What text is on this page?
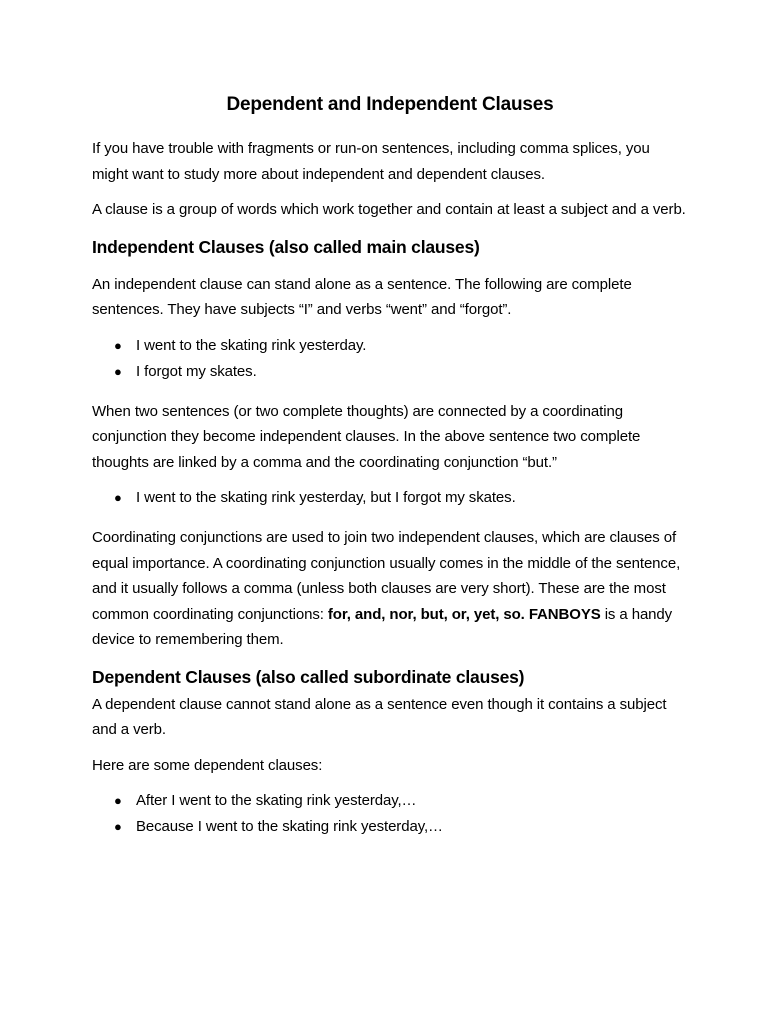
Dependent and Independent Clauses

If you have trouble with fragments or run-on sentences, including comma splices, you might want to study more about independent and dependent clauses.

A clause is a group of words which work together and contain at least a subject and a verb.

Independent Clauses (also called main clauses)

An independent clause can stand alone as a sentence. The following are complete sentences. They have subjects “I” and verbs “went” and “forgot”.

● I went to the skating rink yesterday.
● I forgot my skates.

When two sentences (or two complete thoughts) are connected by a coordinating conjunction they become independent clauses. In the above sentence two complete thoughts are linked by a comma and the coordinating conjunction “but.”

● I went to the skating rink yesterday, but I forgot my skates.

Coordinating conjunctions are used to join two independent clauses, which are clauses of equal importance. A coordinating conjunction usually comes in the middle of the sentence, and it usually follows a comma (unless both clauses are very short). These are the most common coordinating conjunctions: for, and, nor, but, or, yet, so. FANBOYS is a handy device to remembering them.

Dependent Clauses (also called subordinate clauses)

A dependent clause cannot stand alone as a sentence even though it contains a subject and a verb.

Here are some dependent clauses:

● After I went to the skating rink yesterday,…
● Because I went to the skating rink yesterday,…
